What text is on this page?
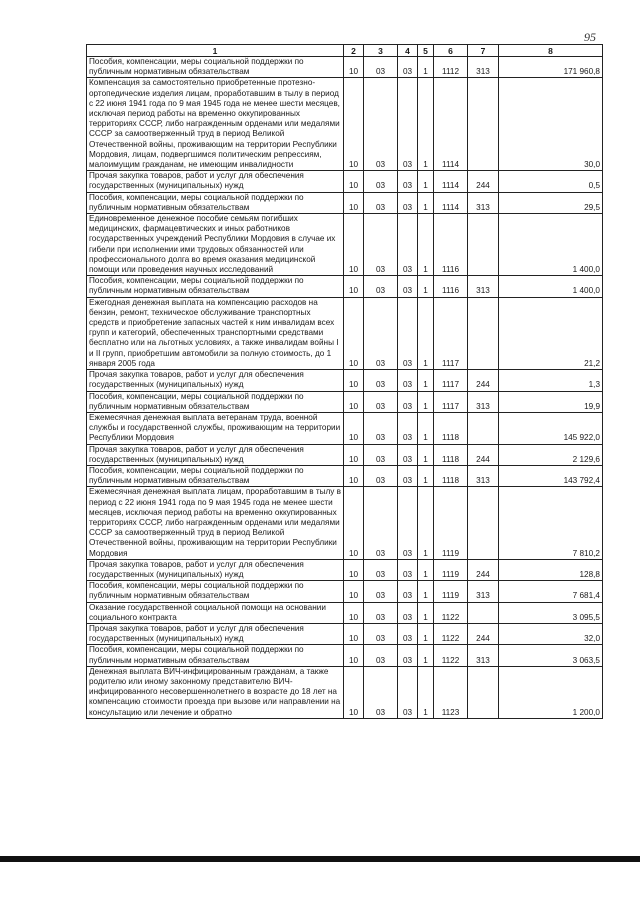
95
1	2	3	4	5	6	7	8
Пособия, компенсации, меры социальной поддержки по публичным нормативным обязательствам	10	03	03	1	1112	313	171 960,8
Компенсация за самостоятельно приобретенные протезно-ортопедические изделия лицам, проработавшим в тылу в период с 22 июня 1941 года по 9 мая 1945 года не менее шести месяцев, исключая период работы на временно оккупированных территориях СССР, либо награжденным орденами или медалями СССР за самоотверженный труд в период Великой Отечественной войны, проживающим на территории Республики Мордовия, лицам, подвергшимся политическим репрессиям, малоимущим гражданам, не имеющим инвалидности	10	03	03	1	1114		30,0
Прочая закупка товаров, работ и услуг для обеспечения государственных (муниципальных) нужд	10	03	03	1	1114	244	0,5
Пособия, компенсации, меры социальной поддержки по публичным нормативным обязательствам	10	03	03	1	1114	313	29,5
Единовременное денежное пособие семьям погибших медицинских, фармацевтических и иных работников государственных учреждений Республики Мордовия в случае их гибели при исполнении ими трудовых обязанностей или профессионального долга во время оказания медицинской помощи или проведения научных исследований	10	03	03	1	1116		1 400,0
Пособия, компенсации, меры социальной поддержки по публичным нормативным обязательствам	10	03	03	1	1116	313	1 400,0
Ежегодная денежная выплата на компенсацию расходов на бензин, ремонт, техническое обслуживание транспортных средств и приобретение запасных частей к ним инвалидам всех групп и категорий, обеспеченных транспортными средствами бесплатно или на льготных условиях, а также инвалидам войны I и II групп, приобретшим автомобили за полную стоимость, до 1 января 2005 года	10	03	03	1	1117		21,2
Прочая закупка товаров, работ и услуг для обеспечения государственных (муниципальных) нужд	10	03	03	1	1117	244	1,3
Пособия, компенсации, меры социальной поддержки по публичным нормативным обязательствам	10	03	03	1	1117	313	19,9
Ежемесячная денежная выплата ветеранам труда, военной службы и государственной службы, проживающим на территории Республики Мордовия	10	03	03	1	1118		145 922,0
Прочая закупка товаров, работ и услуг для обеспечения государственных (муниципальных) нужд	10	03	03	1	1118	244	2 129,6
Пособия, компенсации, меры социальной поддержки по публичным нормативным обязательствам	10	03	03	1	1118	313	143 792,4
Ежемесячная денежная выплата лицам, проработавшим в тылу в период с 22 июня 1941 года по 9 мая 1945 года не менее шести месяцев, исключая период работы на временно оккупированных территориях СССР, либо награжденным орденами или медалями СССР за самоотверженный труд в период Великой Отечественной войны, проживающим на территории Республики Мордовия	10	03	03	1	1119		7 810,2
Прочая закупка товаров, работ и услуг для обеспечения государственных (муниципальных) нужд	10	03	03	1	1119	244	128,8
Пособия, компенсации, меры социальной поддержки по публичным нормативным обязательствам	10	03	03	1	1119	313	7 681,4
Оказание государственной социальной помощи на основании социального контракта	10	03	03	1	1122		3 095,5
Прочая закупка товаров, работ и услуг для обеспечения государственных (муниципальных) нужд	10	03	03	1	1122	244	32,0
Пособия, компенсации, меры социальной поддержки по публичным нормативным обязательствам	10	03	03	1	1122	313	3 063,5
Денежная выплата ВИЧ-инфицированным гражданам, а также родителю или иному законному представителю ВИЧ-инфицированного несовершеннолетнего в возрасте до 18 лет на компенсацию стоимости проезда при вызове или направлении на консультацию или лечение и обратно	10	03	03	1	1123		1 200,0
